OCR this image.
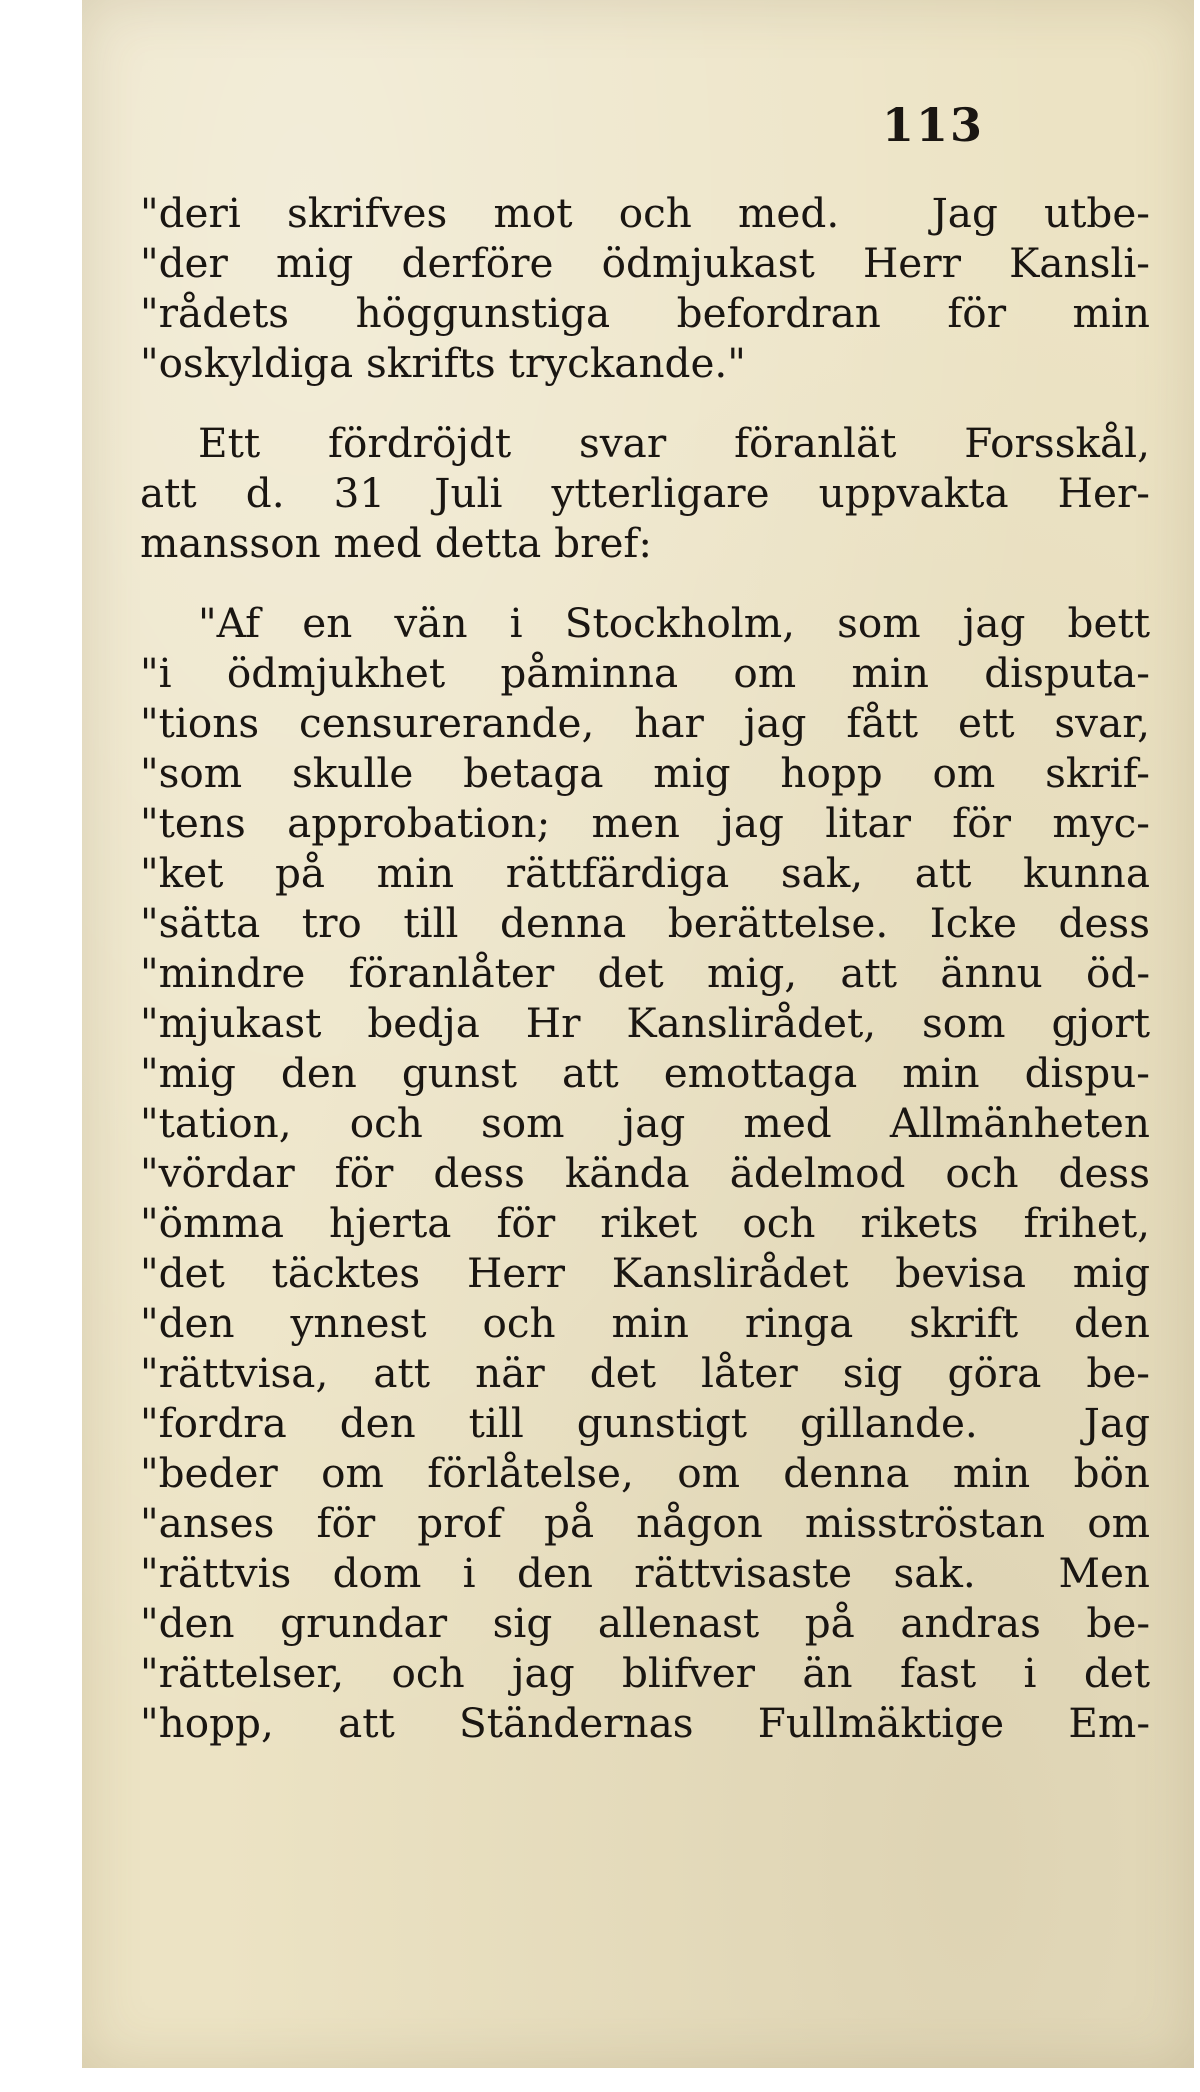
113

"deri skrifves mot och med.  Jag utbe-
"der mig derföre ödmjukast Herr Kansli-
"rådets höggunstiga befordran för min
"oskyldiga skrifts tryckande."
Ett fördröjdt svar föranlät Forsskål,
att d. 31 Juli ytterligare uppvakta Her-
mansson med detta bref:
"Af en vän i Stockholm, som jag bett
"i ödmjukhet påminna om min disputa-
"tions censurerande, har jag fått ett svar,
"som skulle betaga mig hopp om skrif-
"tens approbation; men jag litar för myc-
"ket på min rättfärdiga sak, att kunna
"sätta tro till denna berättelse. Icke dess
"mindre föranlåter det mig, att ännu öd-
"mjukast bedja Hr Kanslirådet, som gjort
"mig den gunst att emottaga min dispu-
"tation, och som jag med Allmänheten
"vördar för dess kända ädelmod och dess
"ömma hjerta för riket och rikets frihet,
"det täcktes Herr Kanslirådet bevisa mig
"den ynnest och min ringa skrift den
"rättvisa, att när det låter sig göra be-
"fordra den till gunstigt gillande.  Jag
"beder om förlåtelse, om denna min bön
"anses för prof på någon misströstan om
"rättvis dom i den rättvisaste sak.  Men
"den grundar sig allenast på andras be-
"rättelser, och jag blifver än fast i det
"hopp, att Ständernas Fullmäktige Em-
